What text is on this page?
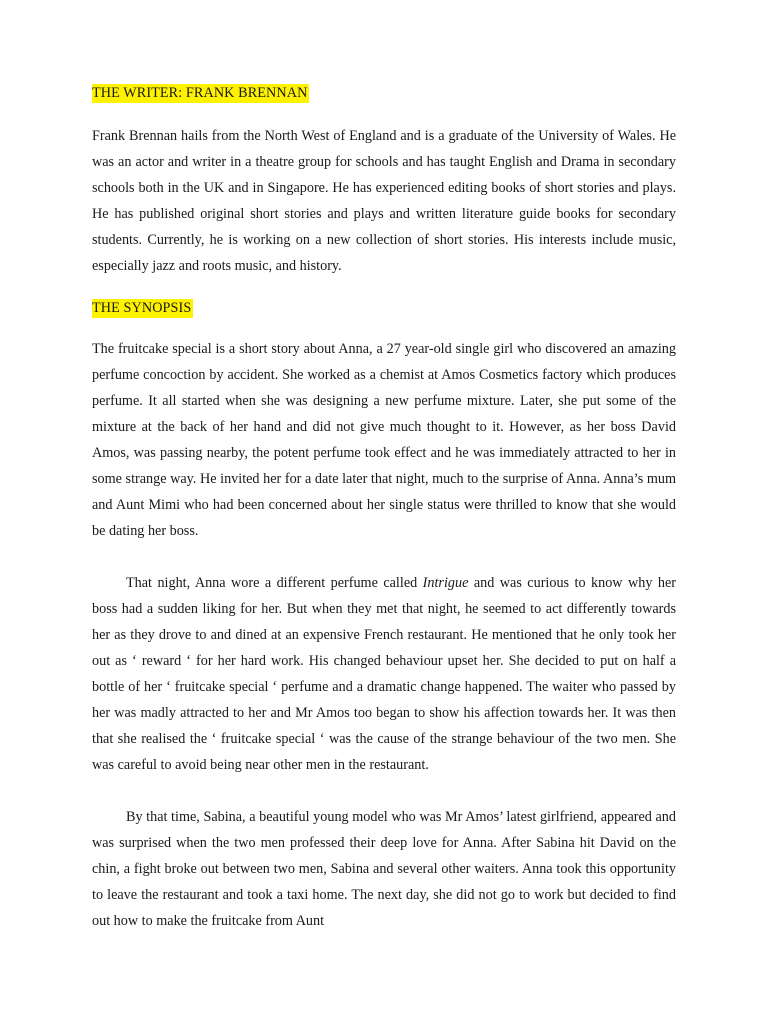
THE WRITER: FRANK BRENNAN

Frank Brennan hails from the North West of England and is a graduate of the University of Wales. He was an actor and writer in a theatre group for schools and has taught English and Drama in secondary schools both in the UK and in Singapore. He has experienced editing books of short stories and plays. He has published original short stories and plays and written literature guide books for secondary students. Currently, he is working on a new collection of short stories. His interests include music, especially jazz and roots music, and history.

THE SYNOPSIS

The fruitcake special is a short story about Anna, a 27 year-old single girl who discovered an amazing perfume concoction by accident. She worked as a chemist at Amos Cosmetics factory which produces perfume. It all started when she was designing a new perfume mixture. Later, she put some of the mixture at the back of her hand and did not give much thought to it. However, as her boss David Amos, was passing nearby, the potent perfume took effect and he was immediately attracted to her in some strange way. He invited her for a date later that night, much to the surprise of Anna. Anna’s mum and Aunt Mimi who had been concerned about her single status were thrilled to know that she would be dating her boss.

That night, Anna wore a different perfume called Intrigue and was curious to know why her boss had a sudden liking for her. But when they met that night, he seemed to act differently towards her as they drove to and dined at an expensive French restaurant. He mentioned that he only took her out as ‘ reward ‘ for her hard work. His changed behaviour upset her. She decided to put on half a bottle of her ‘ fruitcake special ‘ perfume and a dramatic change happened. The waiter who passed by her was madly attracted to her and Mr Amos too began to show his affection towards her. It was then that she realised the ‘ fruitcake special ‘ was the cause of the strange behaviour of the two men. She was careful to avoid being near other men in the restaurant.

By that time, Sabina, a beautiful young model who was Mr Amos’ latest girlfriend, appeared and was surprised when the two men professed their deep love for Anna. After Sabina hit David on the chin, a fight broke out between two men, Sabina and several other waiters. Anna took this opportunity to leave the restaurant and took a taxi home. The next day, she did not go to work but decided to find out how to make the fruitcake from Aunt
